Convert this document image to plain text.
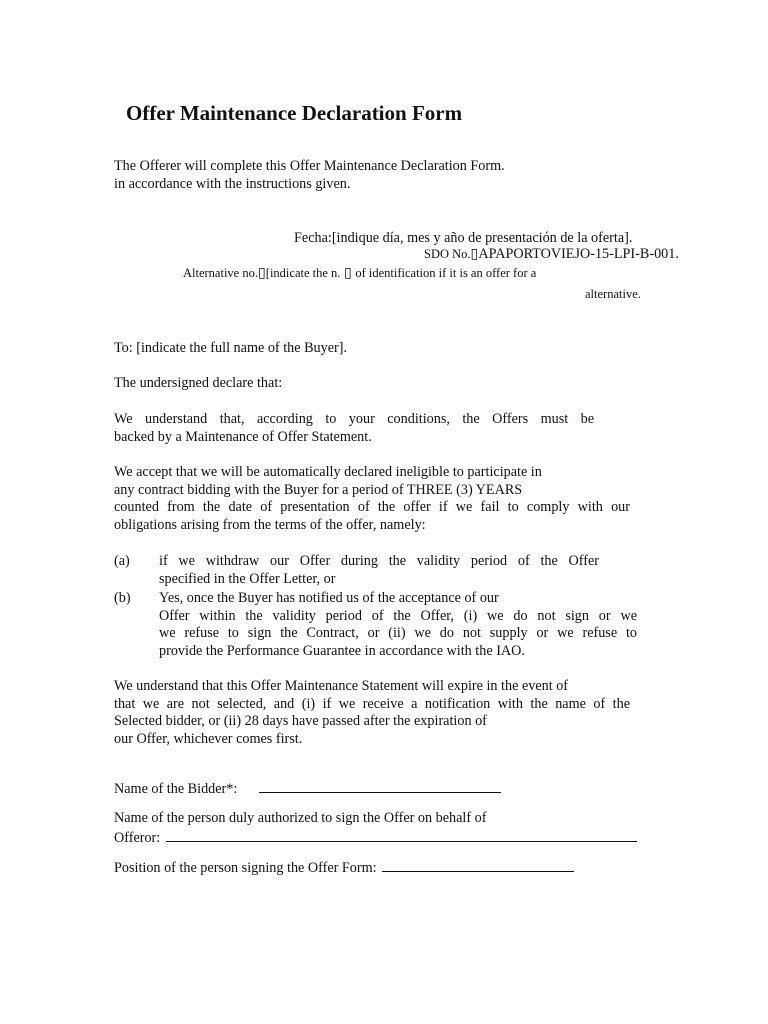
Offer Maintenance Declaration Form
The Offerer will complete this Offer Maintenance Declaration Form.
in accordance with the instructions given.
Fecha:[indique día, mes y año de presentación de la oferta].
SDO No.▯APAPORTOVIEJO-15-LPI-B-001.
Alternative no.▯[indicate the n. ▯ of identification if it is an offer for a
alternative.
To: [indicate the full name of the Buyer].
The undersigned declare that:
We understand that, according to your conditions, the Offers must be
backed by a Maintenance of Offer Statement.
We accept that we will be automatically declared ineligible to participate in
any contract bidding with the Buyer for a period of THREE (3) YEARS
counted from the date of presentation of the offer if we fail to comply with our
obligations arising from the terms of the offer, namely:
(a) if we withdraw our Offer during the validity period of the Offer
specified in the Offer Letter, or
(b) Yes, once the Buyer has notified us of the acceptance of our
Offer within the validity period of the Offer, (i) we do not sign or we
we refuse to sign the Contract, or (ii) we do not supply or we refuse to
provide the Performance Guarantee in accordance with the IAO.
We understand that this Offer Maintenance Statement will expire in the event of
that we are not selected, and (i) if we receive a notification with the name of the
Selected bidder, or (ii) 28 days have passed after the expiration of
our Offer, whichever comes first.
Name of the Bidder*:
Name of the person duly authorized to sign the Offer on behalf of
Offeror:
Position of the person signing the Offer Form:
